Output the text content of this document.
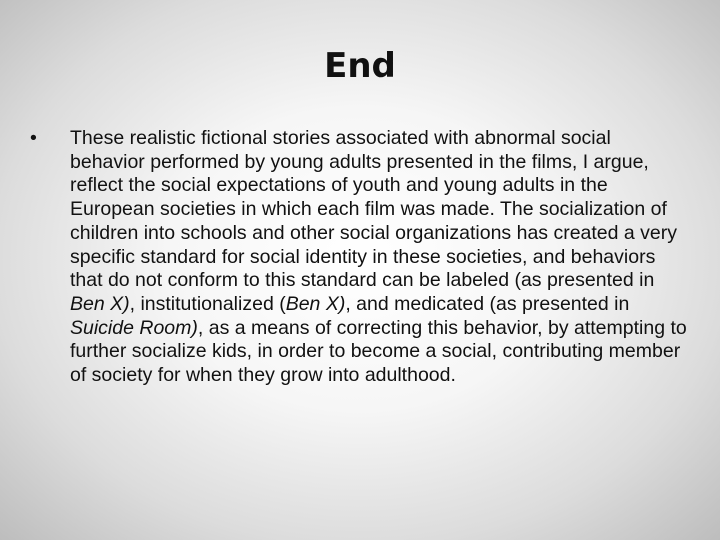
End
•	These realistic fictional stories associated with abnormal social behavior performed by young adults presented in the films, I argue, reflect the social expectations of youth and young adults in the European societies in which each film was made. The socialization of children into schools and other social organizations has created a very specific standard for social identity in these societies, and behaviors that do not conform to this standard can be labeled (as presented in Ben X), institutionalized (Ben X), and medicated (as presented in Suicide Room), as a means of correcting this behavior, by attempting to further socialize kids, in order to become a social, contributing member of society for when they grow into adulthood.
